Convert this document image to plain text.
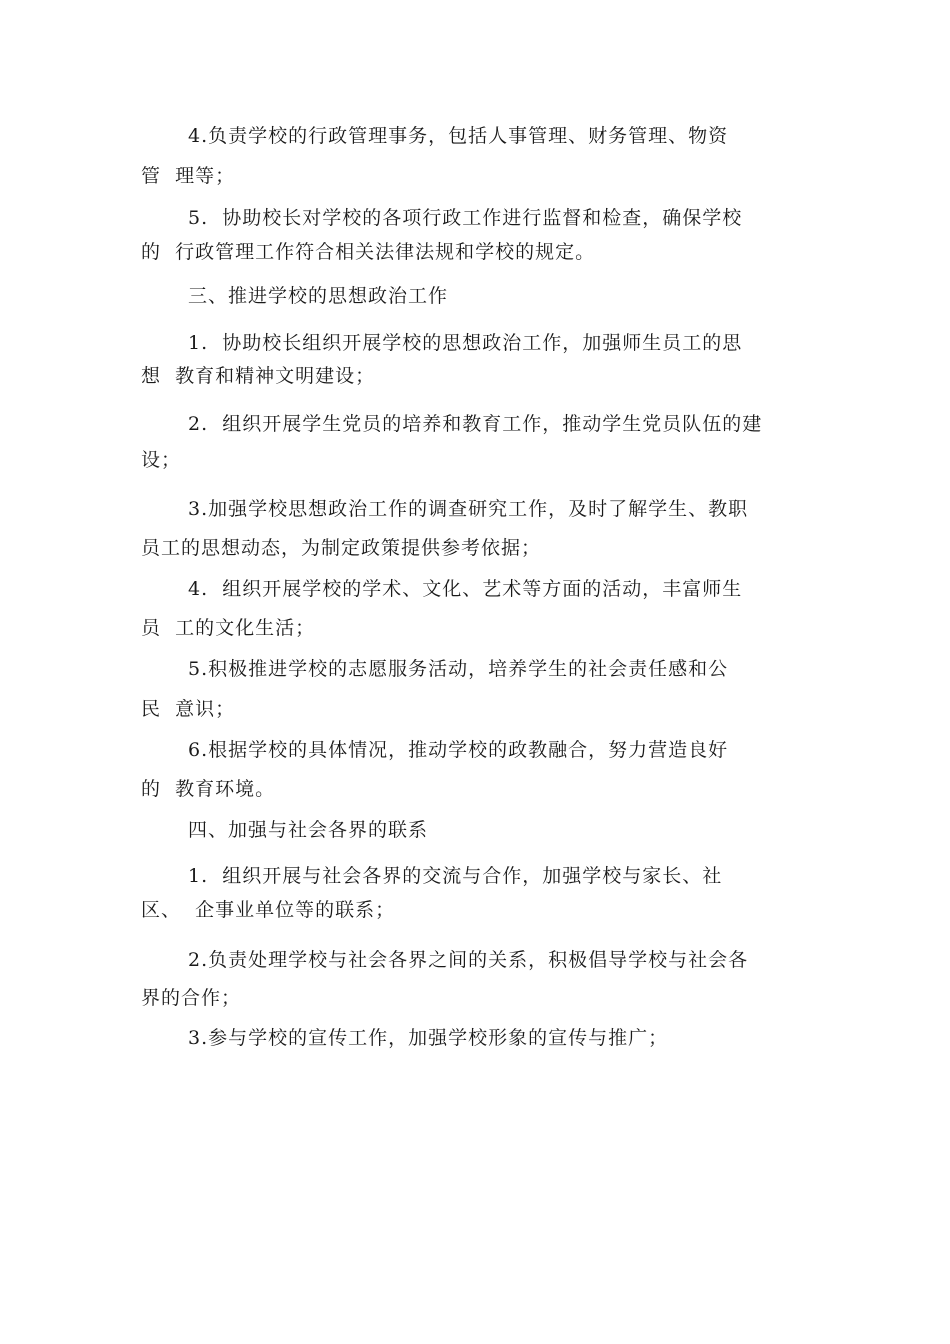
4.负责学校的行政管理事务，包括人事管理、财务管理、物资
管  理等；
5.  协助校长对学校的各项行政工作进行监督和检查，确保学校
的  行政管理工作符合相关法律法规和学校的规定。
三、推进学校的思想政治工作
1.  协助校长组织开展学校的思想政治工作，加强师生员工的思
想  教育和精神文明建设；
2.  组织开展学生党员的培养和教育工作，推动学生党员队伍的建
设；
3.加强学校思想政治工作的调查研究工作，及时了解学生、教职
员工的思想动态，为制定政策提供参考依据；
4.  组织开展学校的学术、文化、艺术等方面的活动，丰富师生
员  工的文化生活；
5.积极推进学校的志愿服务活动，培养学生的社会责任感和公
民  意识；
6.根据学校的具体情况，推动学校的政教融合，努力营造良好
的  教育环境。
四、加强与社会各界的联系
1.  组织开展与社会各界的交流与合作，加强学校与家长、社
区、  企事业单位等的联系；
2.负责处理学校与社会各界之间的关系，积极倡导学校与社会各
界的合作；
3.参与学校的宣传工作，加强学校形象的宣传与推广；
